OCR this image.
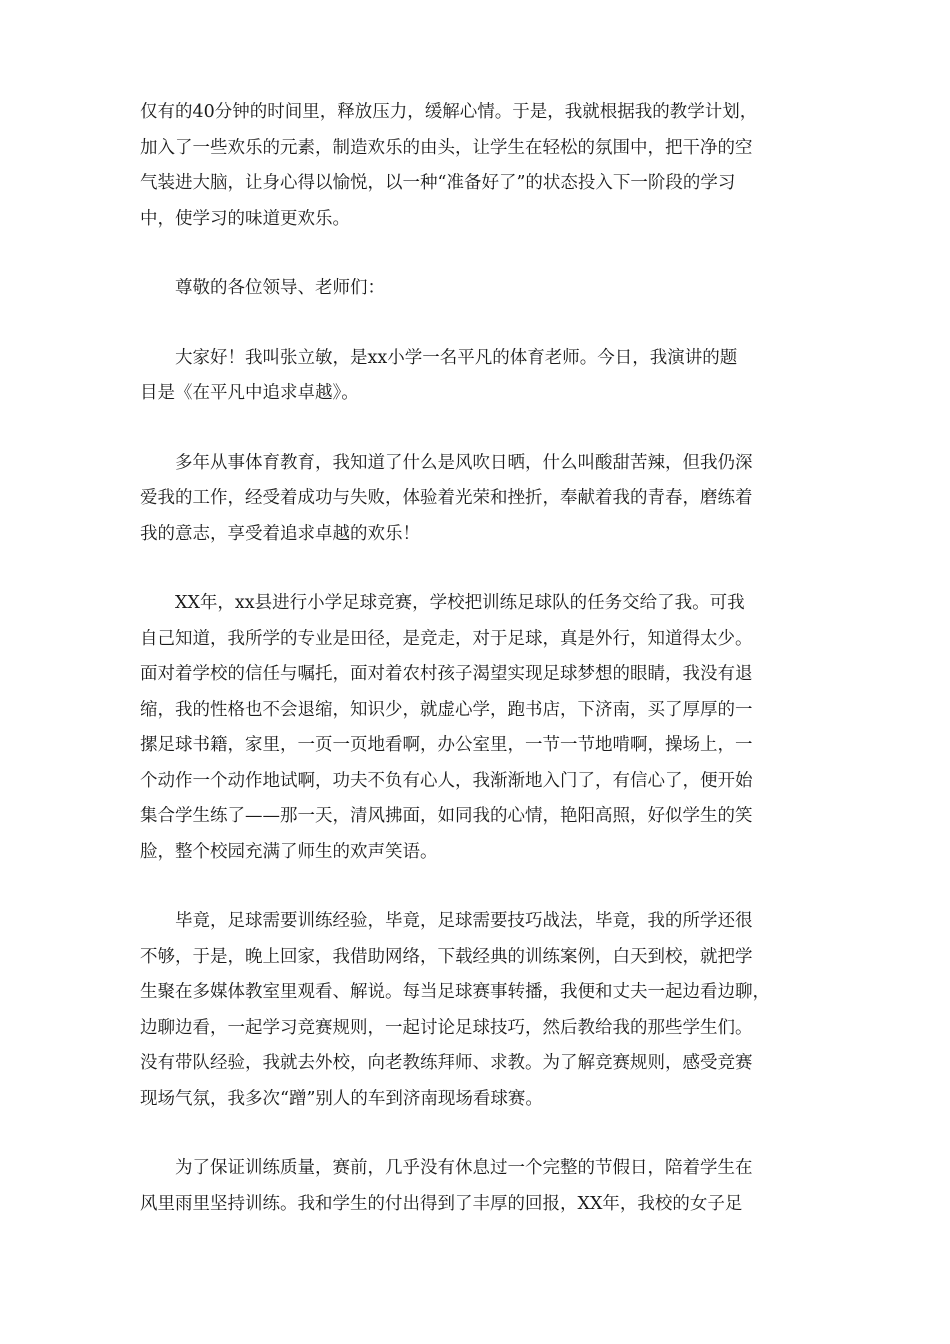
仅有的40分钟的时间里，释放压力，缓解心情。于是，我就根据我的教学计划，
加入了一些欢乐的元素，制造欢乐的由头，让学生在轻松的氛围中，把干净的空
气装进大脑，让身心得以愉悦，以一种“准备好了”的状态投入下一阶段的学习
中，使学习的味道更欢乐。
　　尊敬的各位领导、老师们：
　　大家好！我叫张立敏，是xx小学一名平凡的体育老师。今日，我演讲的题
目是《在平凡中追求卓越》。
　　多年从事体育教育，我知道了什么是风吹日晒，什么叫酸甜苦辣，但我仍深
爱我的工作，经受着成功与失败，体验着光荣和挫折，奉献着我的青春，磨练着
我的意志，享受着追求卓越的欢乐！
　　XX年，xx县进行小学足球竞赛，学校把训练足球队的任务交给了我。可我
自己知道，我所学的专业是田径，是竞走，对于足球，真是外行，知道得太少。
面对着学校的信任与嘱托，面对着农村孩子渴望实现足球梦想的眼睛，我没有退
缩，我的性格也不会退缩，知识少，就虚心学，跑书店，下济南，买了厚厚的一
摞足球书籍，家里，一页一页地看啊，办公室里，一节一节地啃啊，操场上，一
个动作一个动作地试啊，功夫不负有心人，我渐渐地入门了，有信心了，便开始
集合学生练了——那一天，清风拂面，如同我的心情，艳阳高照，好似学生的笑
脸，整个校园充满了师生的欢声笑语。
　　毕竟，足球需要训练经验，毕竟，足球需要技巧战法，毕竟，我的所学还很
不够，于是，晚上回家，我借助网络，下载经典的训练案例，白天到校，就把学
生聚在多媒体教室里观看、解说。每当足球赛事转播，我便和丈夫一起边看边聊，
边聊边看，一起学习竞赛规则，一起讨论足球技巧，然后教给我的那些学生们。
没有带队经验，我就去外校，向老教练拜师、求教。为了解竞赛规则，感受竞赛
现场气氛，我多次“蹭”别人的车到济南现场看球赛。
　　为了保证训练质量，赛前，几乎没有休息过一个完整的节假日，陪着学生在
风里雨里坚持训练。我和学生的付出得到了丰厚的回报，XX年，我校的女子足
